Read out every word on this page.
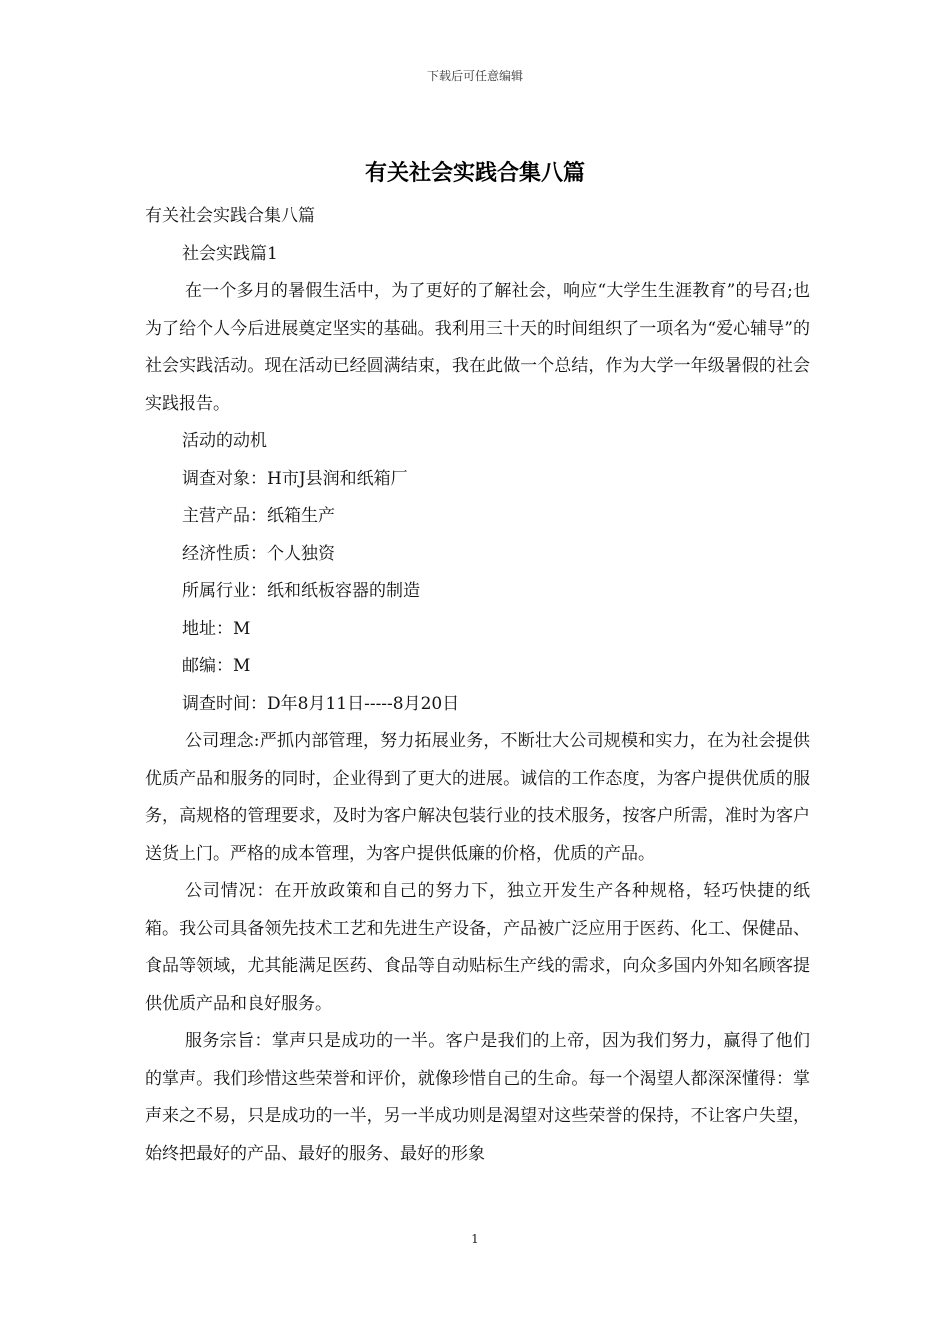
下载后可任意编辑
有关社会实践合集八篇

有关社会实践合集八篇

社会实践篇1

在一个多月的暑假生活中，为了更好的了解社会，响应“大学生生涯教育”的号召;也为了给个人今后进展奠定坚实的基础。我利用三十天的时间组织了一项名为“爱心辅导”的社会实践活动。现在活动已经圆满结束，我在此做一个总结，作为大学一年级暑假的社会实践报告。

活动的动机

调查对象：H市J县润和纸箱厂

主营产品：纸箱生产

经济性质：个人独资

所属行业：纸和纸板容器的制造

地址：M

邮编：M

调查时间：D年8月11日-----8月20日

公司理念:严抓内部管理，努力拓展业务，不断壮大公司规模和实力，在为社会提供优质产品和服务的同时，企业得到了更大的进展。诚信的工作态度，为客户提供优质的服务，高规格的管理要求，及时为客户解决包装行业的技术服务，按客户所需，准时为客户送货上门。严格的成本管理，为客户提供低廉的价格，优质的产品。

公司情况：在开放政策和自己的努力下，独立开发生产各种规格，轻巧快捷的纸箱。我公司具备领先技术工艺和先进生产设备，产品被广泛应用于医药、化工、保健品、食品等领域，尤其能满足医药、食品等自动贴标生产线的需求，向众多国内外知名顾客提供优质产品和良好服务。

服务宗旨：掌声只是成功的一半。客户是我们的上帝，因为我们努力，赢得了他们的掌声。我们珍惜这些荣誉和评价，就像珍惜自己的生命。每一个渴望人都深深懂得：掌声来之不易，只是成功的一半，另一半成功则是渴望对这些荣誉的保持，不让客户失望，始终把最好的产品、最好的服务、最好的形象

1
